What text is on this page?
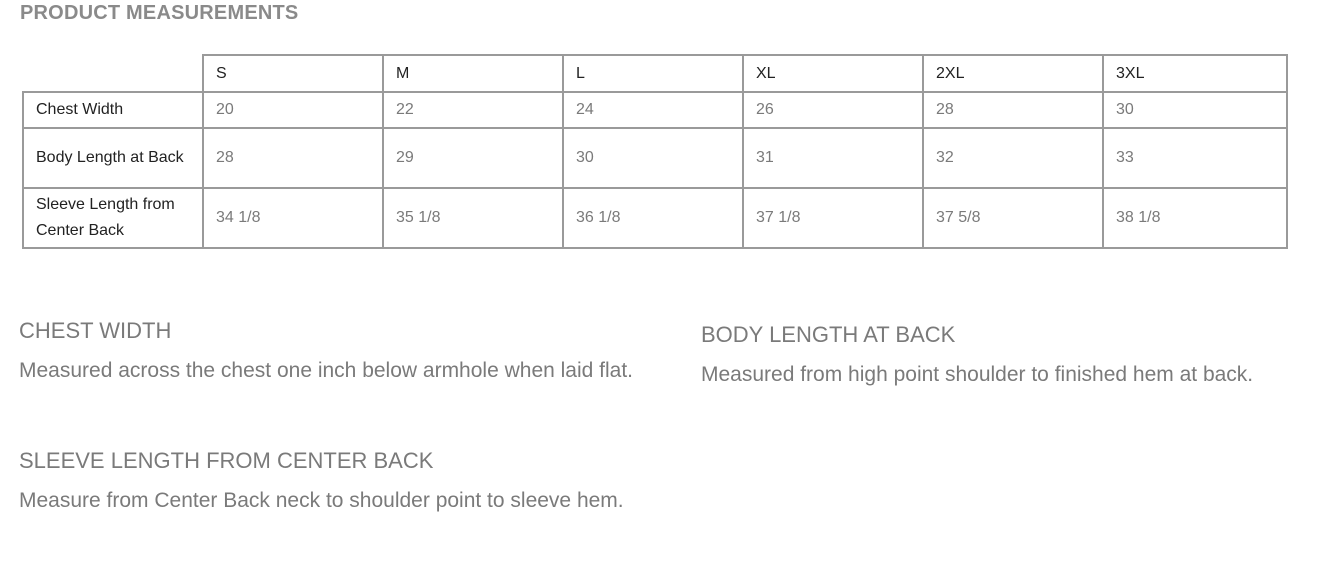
PRODUCT MEASUREMENTS
	S	M	L	XL	2XL	3XL
Chest Width	20	22	24	26	28	30
Body Length at Back	28	29	30	31	32	33
Sleeve Length from Center Back	34 1/8	35 1/8	36 1/8	37 1/8	37 5/8	38 1/8

CHEST WIDTH

Measured across the chest one inch below armhole when laid flat.

BODY LENGTH AT BACK

Measured from high point shoulder to finished hem at back.

SLEEVE LENGTH FROM CENTER BACK

Measure from Center Back neck to shoulder point to sleeve hem.
